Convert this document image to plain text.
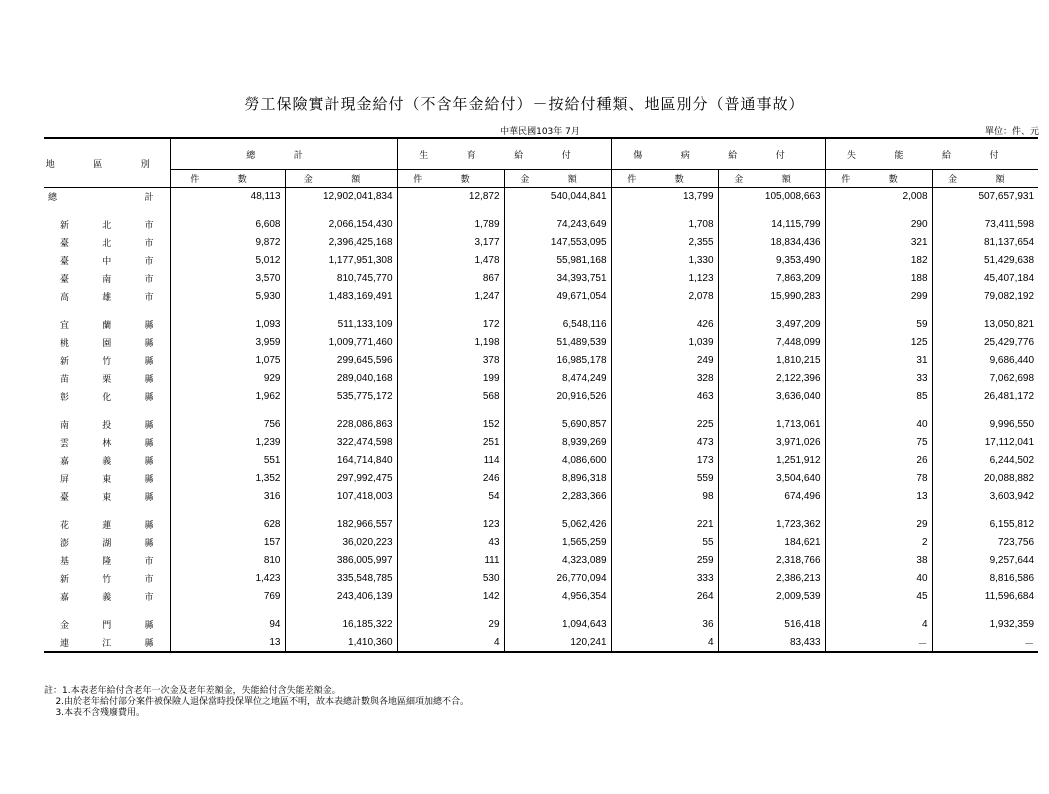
勞工保險實計現金給付（不含年金給付）－按給付種類、地區別分（普通事故）
中華民國103年 7月	單位：件、元
地 區 別	總 計		生 育 給 付		傷 病 給 付		失 能 給 付	
	件 數	金 額	件 數	金 額	件 數	金 額	件 數	金 額
總計	48,113	12,902,041,834	12,872	540,044,841	13,799	105,008,663	2,008	507,657,931

新北市	6,608	2,066,154,430	1,789	74,243,649	1,708	14,115,799	290	73,411,598
臺北市	9,872	2,396,425,168	3,177	147,553,095	2,355	18,834,436	321	81,137,654
臺中市	5,012	1,177,951,308	1,478	55,981,168	1,330	9,353,490	182	51,429,638
臺南市	3,570	810,745,770	867	34,393,751	1,123	7,863,209	188	45,407,184
高雄市	5,930	1,483,169,491	1,247	49,671,054	2,078	15,990,283	299	79,082,192

宜蘭縣	1,093	511,133,109	172	6,548,116	426	3,497,209	59	13,050,821
桃園縣	3,959	1,009,771,460	1,198	51,489,539	1,039	7,448,099	125	25,429,776
新竹縣	1,075	299,645,596	378	16,985,178	249	1,810,215	31	9,686,440
苗栗縣	929	289,040,168	199	8,474,249	328	2,122,396	33	7,062,698
彰化縣	1,962	535,775,172	568	20,916,526	463	3,636,040	85	26,481,172

南投縣	756	228,086,863	152	5,690,857	225	1,713,061	40	9,996,550
雲林縣	1,239	322,474,598	251	8,939,269	473	3,971,026	75	17,112,041
嘉義縣	551	164,714,840	114	4,086,600	173	1,251,912	26	6,244,502
屏東縣	1,352	297,992,475	246	8,896,318	559	3,504,640	78	20,088,882
臺東縣	316	107,418,003	54	2,283,366	98	674,496	13	3,603,942

花蓮縣	628	182,966,557	123	5,062,426	221	1,723,362	29	6,155,812
澎湖縣	157	36,020,223	43	1,565,259	55	184,621	2	723,756
基隆市	810	386,005,997	111	4,323,089	259	2,318,766	38	9,257,644
新竹市	1,423	335,548,785	530	26,770,094	333	2,386,213	40	8,816,586
嘉義市	769	243,406,139	142	4,956,354	264	2,009,539	45	11,596,684

金門縣	94	16,185,322	29	1,094,643	36	516,418	4	1,932,359
連江縣	13	1,410,360	4	120,241	4	83,433	－	－
註：1.本表老年給付含老年一次金及老年差額金，失能給付含失能差額金。
2.由於老年給付部分案件被保險人退保當時投保單位之地區不明，故本表總計數與各地區細項加總不合。
3.本表不含殘廢費用。
